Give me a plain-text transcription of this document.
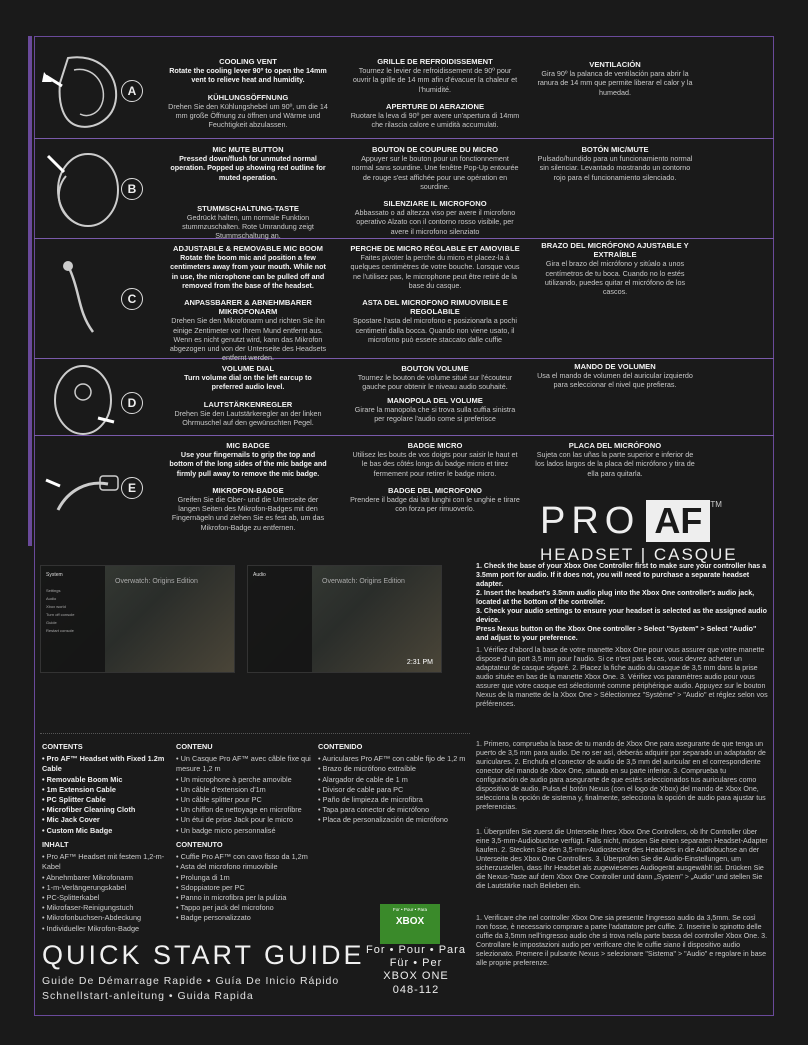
A
COOLING VENT
Rotate the cooling lever 90º to open the 14mm vent to relieve heat and humidity.
KÜHLUNGSÖFFNUNG
Drehen Sie den Kühlungshebel um 90º, um die 14 mm große Öffnung zu öffnen und Wärme und Feuchtigkeit abzulassen.
GRILLE DE REFROIDISSEMENT
Tournez le levier de refroidissement de 90º pour ouvrir la grille de 14 mm afin d'évacuer la chaleur et l'humidité.
APERTURE DI AERAZIONE
Ruotare la leva di 90º per avere un'apertura di 14mm che rilascia calore e umidità accumulati.
VENTILACIÓN
Gira 90º la palanca de ventilación para abrir la ranura de 14 mm que permite liberar el calor y la humedad.
B
MIC MUTE BUTTON
Pressed down/flush for unmuted normal operation. Popped up showing red outline for muted operation.
STUMMSCHALTUNG-TASTE
Gedrückt halten, um normale Funktion stummzuschalten. Rote Umrandung zeigt Stummschaltung an.
BOUTON DE COUPURE DU MICRO
Appuyer sur le bouton pour un fonctionnement normal sans sourdine. Une fenêtre Pop-Up entourée de rouge s'est affichée pour une opération en sourdine.
SILENZIARE IL MICROFONO
Abbassato o ad altezza viso per avere il microfono operativo Alzato con il contorno rosso visibile, per avere il microfono silenziato
BOTÓN MIC/MUTE
Pulsado/hundido para un funcionamiento normal sin silenciar. Levantado mostrando un contorno rojo para el funcionamiento silenciado.
C
ADJUSTABLE & REMOVABLE MIC BOOM
Rotate the boom mic and position a few centimeters away from your mouth. While not in use, the microphone can be pulled off and removed from the base of the headset.
ANPASSBARER & ABNEHMBARER MIKROFONARM
Drehen Sie den Mikrofonarm und richten Sie ihn einige Zentimeter vor Ihrem Mund entfernt aus. Wenn es nicht genutzt wird, kann das Mikrofon abgezogen und von der Unterseite des Headsets entfernt werden.
PERCHE DE MICRO RÉGLABLE ET AMOVIBLE
Faites pivoter la perche du micro et placez-la à quelques centimètres de votre bouche. Lorsque vous ne l'utilisez pas, le microphone peut être retiré de la base du casque.
ASTA DEL MICROFONO RIMUOVIBILE E REGOLABILE
Spostare l'asta del microfono e posizionarla a pochi centimetri dalla bocca. Quando non viene usato, il microfono può essere staccato dalle cuffie
BRAZO DEL MICRÓFONO AJUSTABLE Y EXTRAÍBLE
Gira el brazo del micrófono y sitúalo a unos centímetros de tu boca. Cuando no lo estés utilizando, puedes quitar el micrófono de los cascos.
D
VOLUME DIAL
Turn volume dial on the left earcup to preferred audio level.
LAUTSTÄRKENREGLER
Drehen Sie den Lautstärkeregler an der linken Ohrmuschel auf den gewünschten Pegel.
BOUTON VOLUME
Tournez le bouton de volume situé sur l'écouteur gauche pour obtenir le niveau audio souhaité.
MANOPOLA DEL VOLUME
Girare la manopola che si trova sulla cuffia sinistra per regolare l'audio come si preferisce
MANDO DE VOLUMEN
Usa el mando de volumen del auricular izquierdo para seleccionar el nivel que prefieras.
E
MIC BADGE
Use your fingernails to grip the top and bottom of the long sides of the mic badge and firmly pull away to remove the mic badge.
MIKROFON-BADGE
Greifen Sie die Ober- und die Unterseite der langen Seiten des Mikrofon-Badges mit den Fingernägeln und ziehen Sie es fest ab, um das Mikrofon-Badge zu entfernen.
BADGE MICRO
Utilisez les bouts de vos doigts pour saisir le haut et le bas des côtés longs du badge micro et tirez fermement pour retirer le badge micro.
BADGE DEL MICROFONO
Prendere il badge dai lati lunghi con le unghie e tirare con forza per rimuoverlo.
PLACA DEL MICRÓFONO
Sujeta con las uñas la parte superior e inferior de los lados largos de la placa del micrófono y tira de ella para quitarla.
PRO AF ™
HEADSET | CASQUE
System
Settings
Audio
Xbox world
Turn off console
Guide
Restart console
Overwatch: Origins Edition
Audio
Overwatch: Origins Edition
2:31 PM
1. Check the base of your Xbox One Controller first to make sure your controller has a 3.5mm port for audio. If it does not, you will need to purchase a separate headset adapter.
2. Insert the headset's 3.5mm audio plug into the Xbox One controller's audio jack, located at the bottom of the controller.
3. Check your audio settings to ensure your headset is selected as the assigned audio device.
Press Nexus button on the Xbox One controller > Select "System" > Select "Audio" and adjust to your preference.
1. Vérifiez d'abord la base de votre manette Xbox One pour vous assurer que votre manette dispose d'un port 3,5 mm pour l'audio. Si ce n'est pas le cas, vous devrez acheter un adaptateur de casque séparé. 2. Placez la fiche audio du casque de 3,5 mm dans la prise audio située en bas de la manette Xbox One. 3. Vérifiez vos paramètres audio pour vous assurer que votre casque est sélectionné comme périphérique audio. Appuyez sur le bouton Nexus de la manette de la Xbox One > Sélectionnez "Système" > "Audio" et réglez selon vos préférences.
1. Primero, comprueba la base de tu mando de Xbox One para asegurarte de que tenga un puerto de 3,5 mm para audio. De no ser así, deberás adquirir por separado un adaptador de auriculares. 2. Enchufa el conector de audio de 3,5 mm del auricular en el correspondiente conector del mando de Xbox One, situado en su parte inferior. 3. Comprueba tu configuración de audio para asegurarte de que estés seleccionados tus auriculares como dispositivo de audio. Pulsa el botón Nexus (con el logo de Xbox) del mando de Xbox One, selecciona la opción de sistema y, finalmente, selecciona la opción de audio para ajustar tus preferencias.
1. Überprüfen Sie zuerst die Unterseite Ihres Xbox One Controllers, ob Ihr Controller über eine 3,5-mm-Audiobuchse verfügt. Falls nicht, müssen Sie einen separaten Headset-Adapter kaufen. 2. Stecken Sie den 3,5-mm-Audiostecker des Headsets in die Audiobuchse an der Unterseite des Xbox One Controllers. 3. Überprüfen Sie die Audio-Einstellungen, um sicherzustellen, dass Ihr Headset als zugewiesenes Audiogerät ausgewählt ist. Drücken Sie die Nexus-Taste auf dem Xbox One Controller und dann „System" > „Audio" und stellen Sie die Lautstärke nach Belieben ein.
1. Verificare che nel controller Xbox One sia presente l'ingresso audio da 3,5mm. Se così non fosse, è necessario comprare a parte l'adattatore per cuffie. 2. Inserire lo spinotto delle cuffie da 3,5mm nell'ingresso audio che si trova nella parte bassa del controller Xbox One. 3. Controllare le impostazioni audio per verificare che le cuffie siano il dispositivo audio selezionato. Premere il pulsante Nexus > selezionare "Sistema" > "Audio" e regolare in base alle proprie preferenze.
CONTENTS
• Pro AF™ Headset with Fixed 1.2m Cable
• Removable Boom Mic
• 1m Extension Cable
• PC Splitter Cable
• Microfiber Cleaning Cloth
• Mic Jack Cover
• Custom Mic Badge
INHALT
• Pro AF™ Headset mit festem 1,2-m-Kabel
• Abnehmbarer Mikrofonarm
• 1-m-Verlängerungskabel
• PC-Splitterkabel
• Mikrofaser-Reinigungstuch
• Mikrofonbuchsen-Abdeckung
• Individueller Mikrofon-Badge
CONTENU
• Un Casque Pro AF™ avec câble fixe qui mesure 1,2 m
• Un microphone à perche amovible
• Un câble d'extension d'1m
• Un câble splitter pour PC
• Un chiffon de nettoyage en microfibre
• Un étui de prise Jack pour le micro
• Un badge micro personnalisé
CONTENUTO
• Cuffie Pro AF™ con cavo fisso da 1,2m
• Asta del microfono rimuovibile
• Prolunga di 1m
• Sdoppiatore per PC
• Panno in microfibra per la pulizia
• Tappo per jack del microfono
• Badge personalizzato
CONTENIDO
• Auriculares Pro AF™ con cable fijo de 1,2 m
• Brazo de micrófono extraíble
• Alargador de cable de 1 m
• Divisor de cable para PC
• Paño de limpieza de microfibra
• Tapa para conector de micrófono
• Placa de personalización de micrófono
For • Pour • Para
XBOX
For • Pour • Para
Für • Per
XBOX ONE
048-112
QUICK START GUIDE
Guide De Démarrage Rapide • Guía De Inicio Rápido
Schnellstart-anleitung • Guida Rapida
